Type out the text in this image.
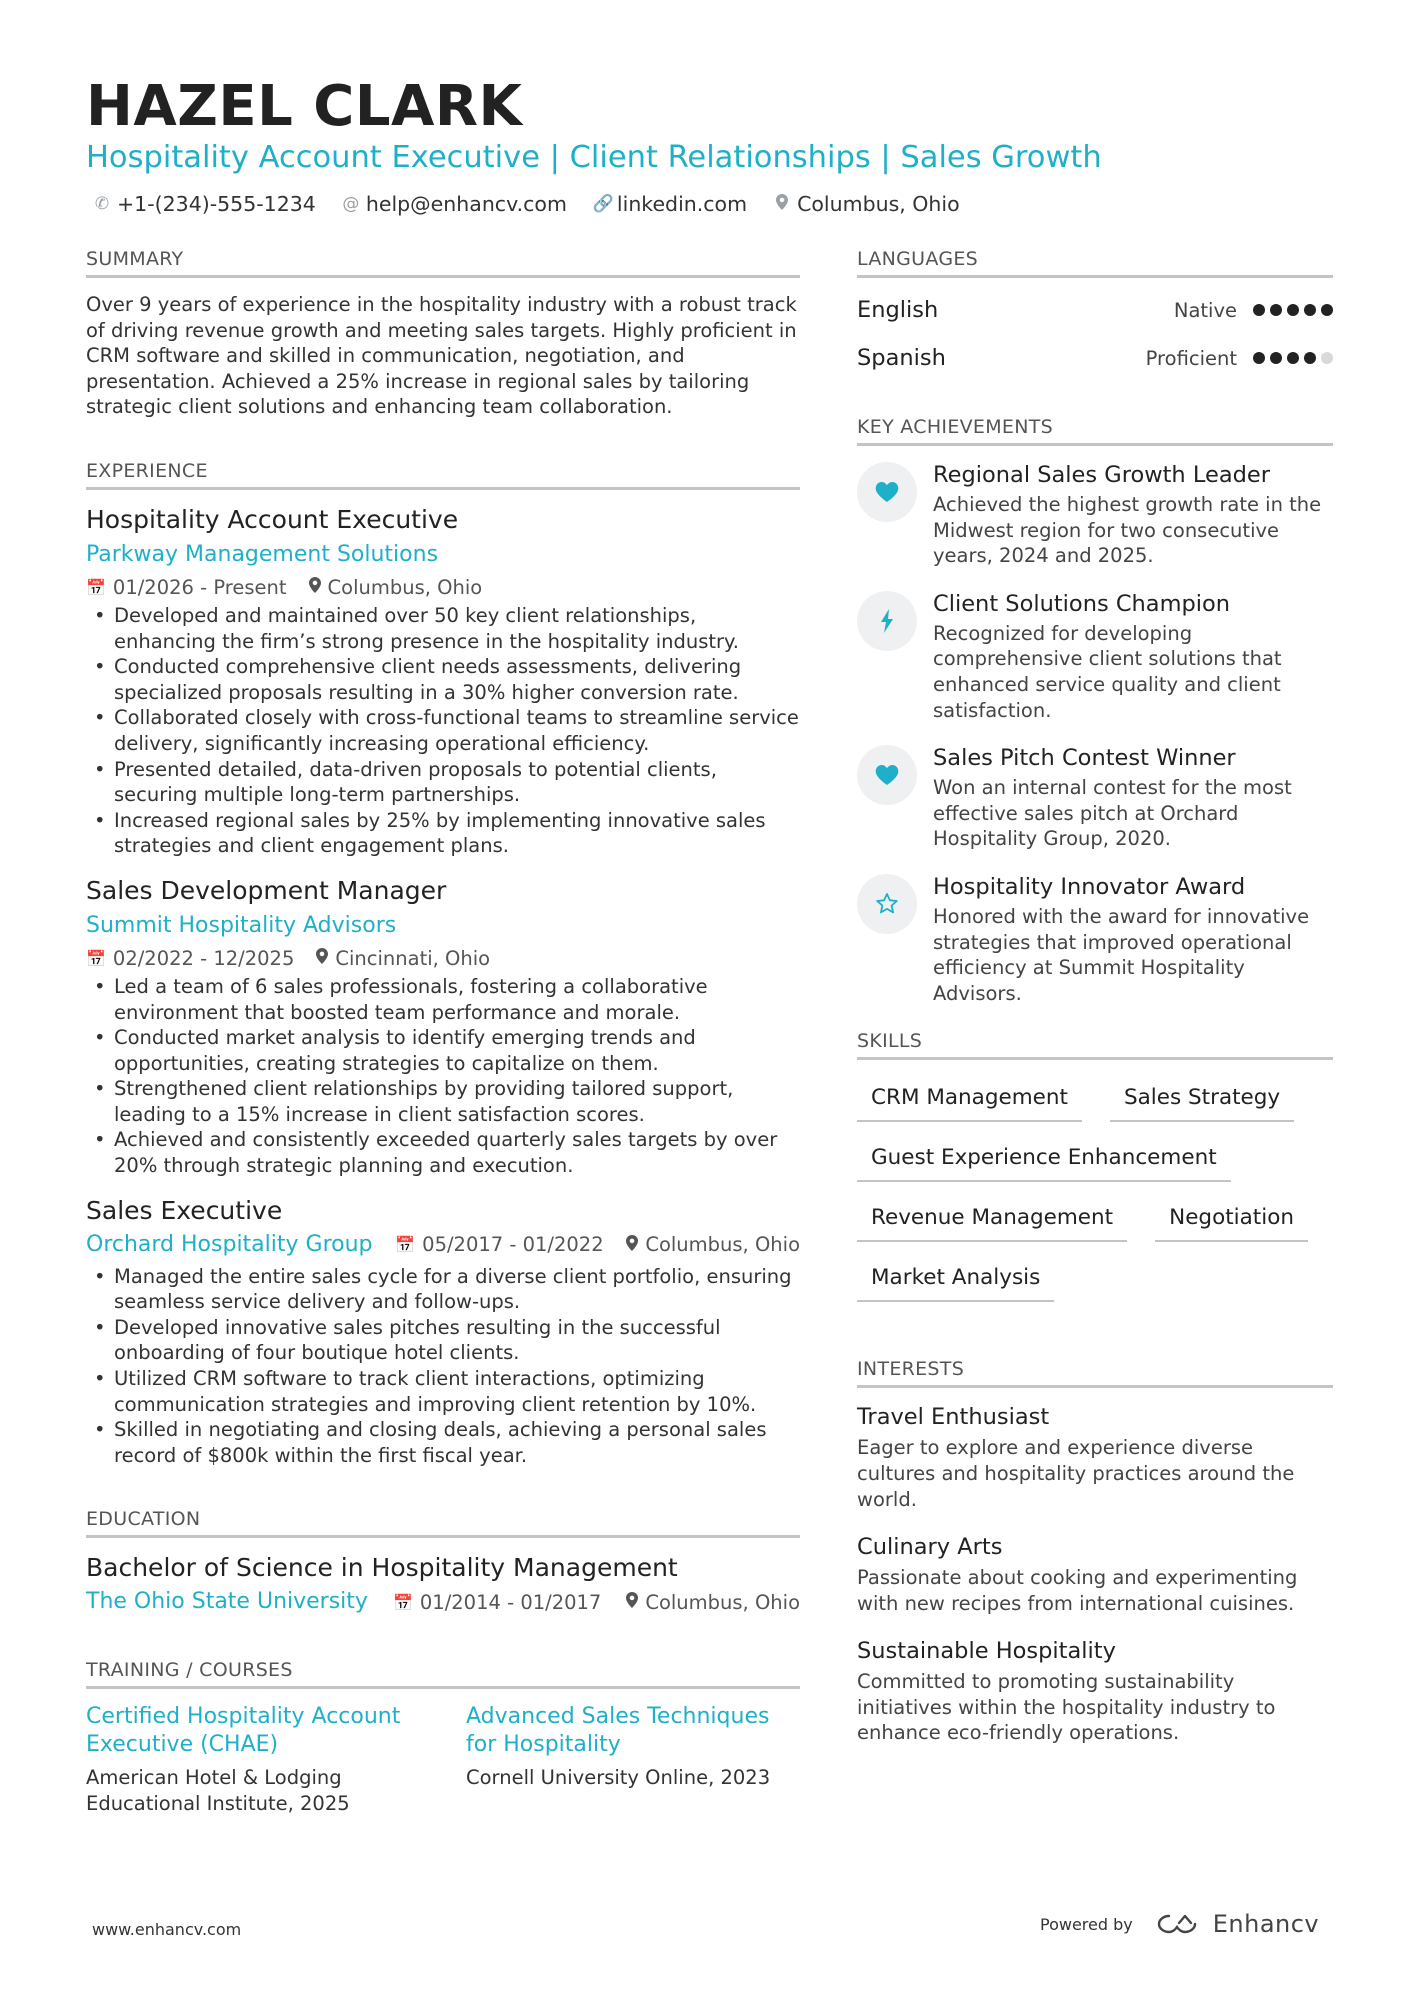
HAZEL CLARK
Hospitality Account Executive | Client Relationships | Sales Growth
✆ +1-(234)-555-1234 @ help@enhancv.com 🔗 linkedin.com Columbus, Ohio
SUMMARY
Over 9 years of experience in the hospitality industry with a robust track of driving revenue growth and meeting sales targets. Highly proficient in CRM software and skilled in communication, negotiation, and presentation. Achieved a 25% increase in regional sales by tailoring strategic client solutions and enhancing team collaboration.
EXPERIENCE
Hospitality Account Executive
Parkway Management Solutions
📅 01/2026 - Present Columbus, Ohio
• Developed and maintained over 50 key client relationships, enhancing the firm’s strong presence in the hospitality industry.
• Conducted comprehensive client needs assessments, delivering specialized proposals resulting in a 30% higher conversion rate.
• Collaborated closely with cross-functional teams to streamline service delivery, significantly increasing operational efficiency.
• Presented detailed, data-driven proposals to potential clients, securing multiple long-term partnerships.
• Increased regional sales by 25% by implementing innovative sales strategies and client engagement plans.
Sales Development Manager
Summit Hospitality Advisors
📅 02/2022 - 12/2025 Cincinnati, Ohio
• Led a team of 6 sales professionals, fostering a collaborative environment that boosted team performance and morale.
• Conducted market analysis to identify emerging trends and opportunities, creating strategies to capitalize on them.
• Strengthened client relationships by providing tailored support, leading to a 15% increase in client satisfaction scores.
• Achieved and consistently exceeded quarterly sales targets by over 20% through strategic planning and execution.
Sales Executive
Orchard Hospitality Group 📅 05/2017 - 01/2022 Columbus, Ohio
• Managed the entire sales cycle for a diverse client portfolio, ensuring seamless service delivery and follow-ups.
• Developed innovative sales pitches resulting in the successful onboarding of four boutique hotel clients.
• Utilized CRM software to track client interactions, optimizing communication strategies and improving client retention by 10%.
• Skilled in negotiating and closing deals, achieving a personal sales record of $800k within the first fiscal year.
EDUCATION
Bachelor of Science in Hospitality Management
The Ohio State University 📅 01/2014 - 01/2017 Columbus, Ohio
TRAINING / COURSES
Certified Hospitality Account Executive (CHAE)
American Hotel & Lodging Educational Institute, 2025
Advanced Sales Techniques for Hospitality
Cornell University Online, 2023
LANGUAGES
English	Native
Spanish	Proficient
KEY ACHIEVEMENTS
Regional Sales Growth Leader
Achieved the highest growth rate in the Midwest region for two consecutive years, 2024 and 2025.
Client Solutions Champion
Recognized for developing comprehensive client solutions that enhanced service quality and client satisfaction.
Sales Pitch Contest Winner
Won an internal contest for the most effective sales pitch at Orchard Hospitality Group, 2020.
Hospitality Innovator Award
Honored with the award for innovative strategies that improved operational efficiency at Summit Hospitality Advisors.
SKILLS
CRM Management	Sales Strategy
Guest Experience Enhancement
Revenue Management	Negotiation
Market Analysis
INTERESTS
Travel Enthusiast
Eager to explore and experience diverse cultures and hospitality practices around the world.
Culinary Arts
Passionate about cooking and experimenting with new recipes from international cuisines.
Sustainable Hospitality
Committed to promoting sustainability initiatives within the hospitality industry to enhance eco-friendly operations.
www.enhancv.com	Powered by	Enhancv
